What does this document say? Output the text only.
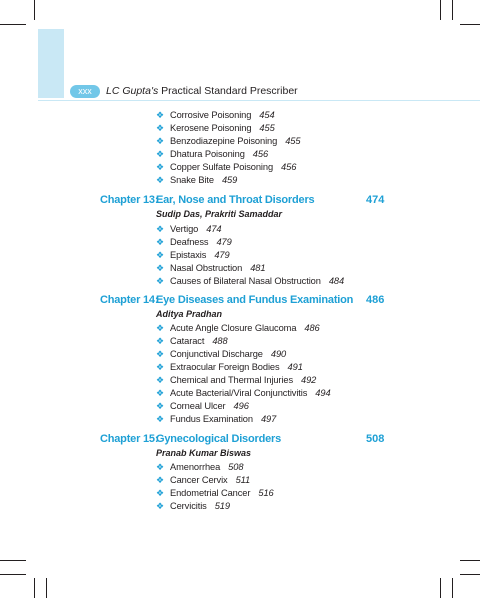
xxx	LC Gupta's Practical Standard Prescriber
❖ Corrosive Poisoning 454
❖ Kerosene Poisoning 455
❖ Benzodiazepine Poisoning 455
❖ Dhatura Poisoning 456
❖ Copper Sulfate Poisoning 456
❖ Snake Bite 459
Chapter 13:Ear, Nose and Throat Disorders	474
Sudip Das, Prakriti Samaddar
❖ Vertigo 474
❖ Deafness 479
❖ Epistaxis 479
❖ Nasal Obstruction 481
❖ Causes of Bilateral Nasal Obstruction 484
Chapter 14:Eye Diseases and Fundus Examination 486
Aditya Pradhan
❖ Acute Angle Closure Glaucoma 486
❖ Cataract 488
❖ Conjunctival Discharge 490
❖ Extraocular Foreign Bodies 491
❖ Chemical and Thermal Injuries 492
❖ Acute Bacterial/Viral Conjunctivitis 494
❖ Corneal Ulcer 496
❖ Fundus Examination 497
Chapter 15:Gynecological Disorders	508
Pranab Kumar Biswas
❖ Amenorrhea 508
❖ Cancer Cervix 511
❖ Endometrial Cancer 516
❖ Cervicitis 519
